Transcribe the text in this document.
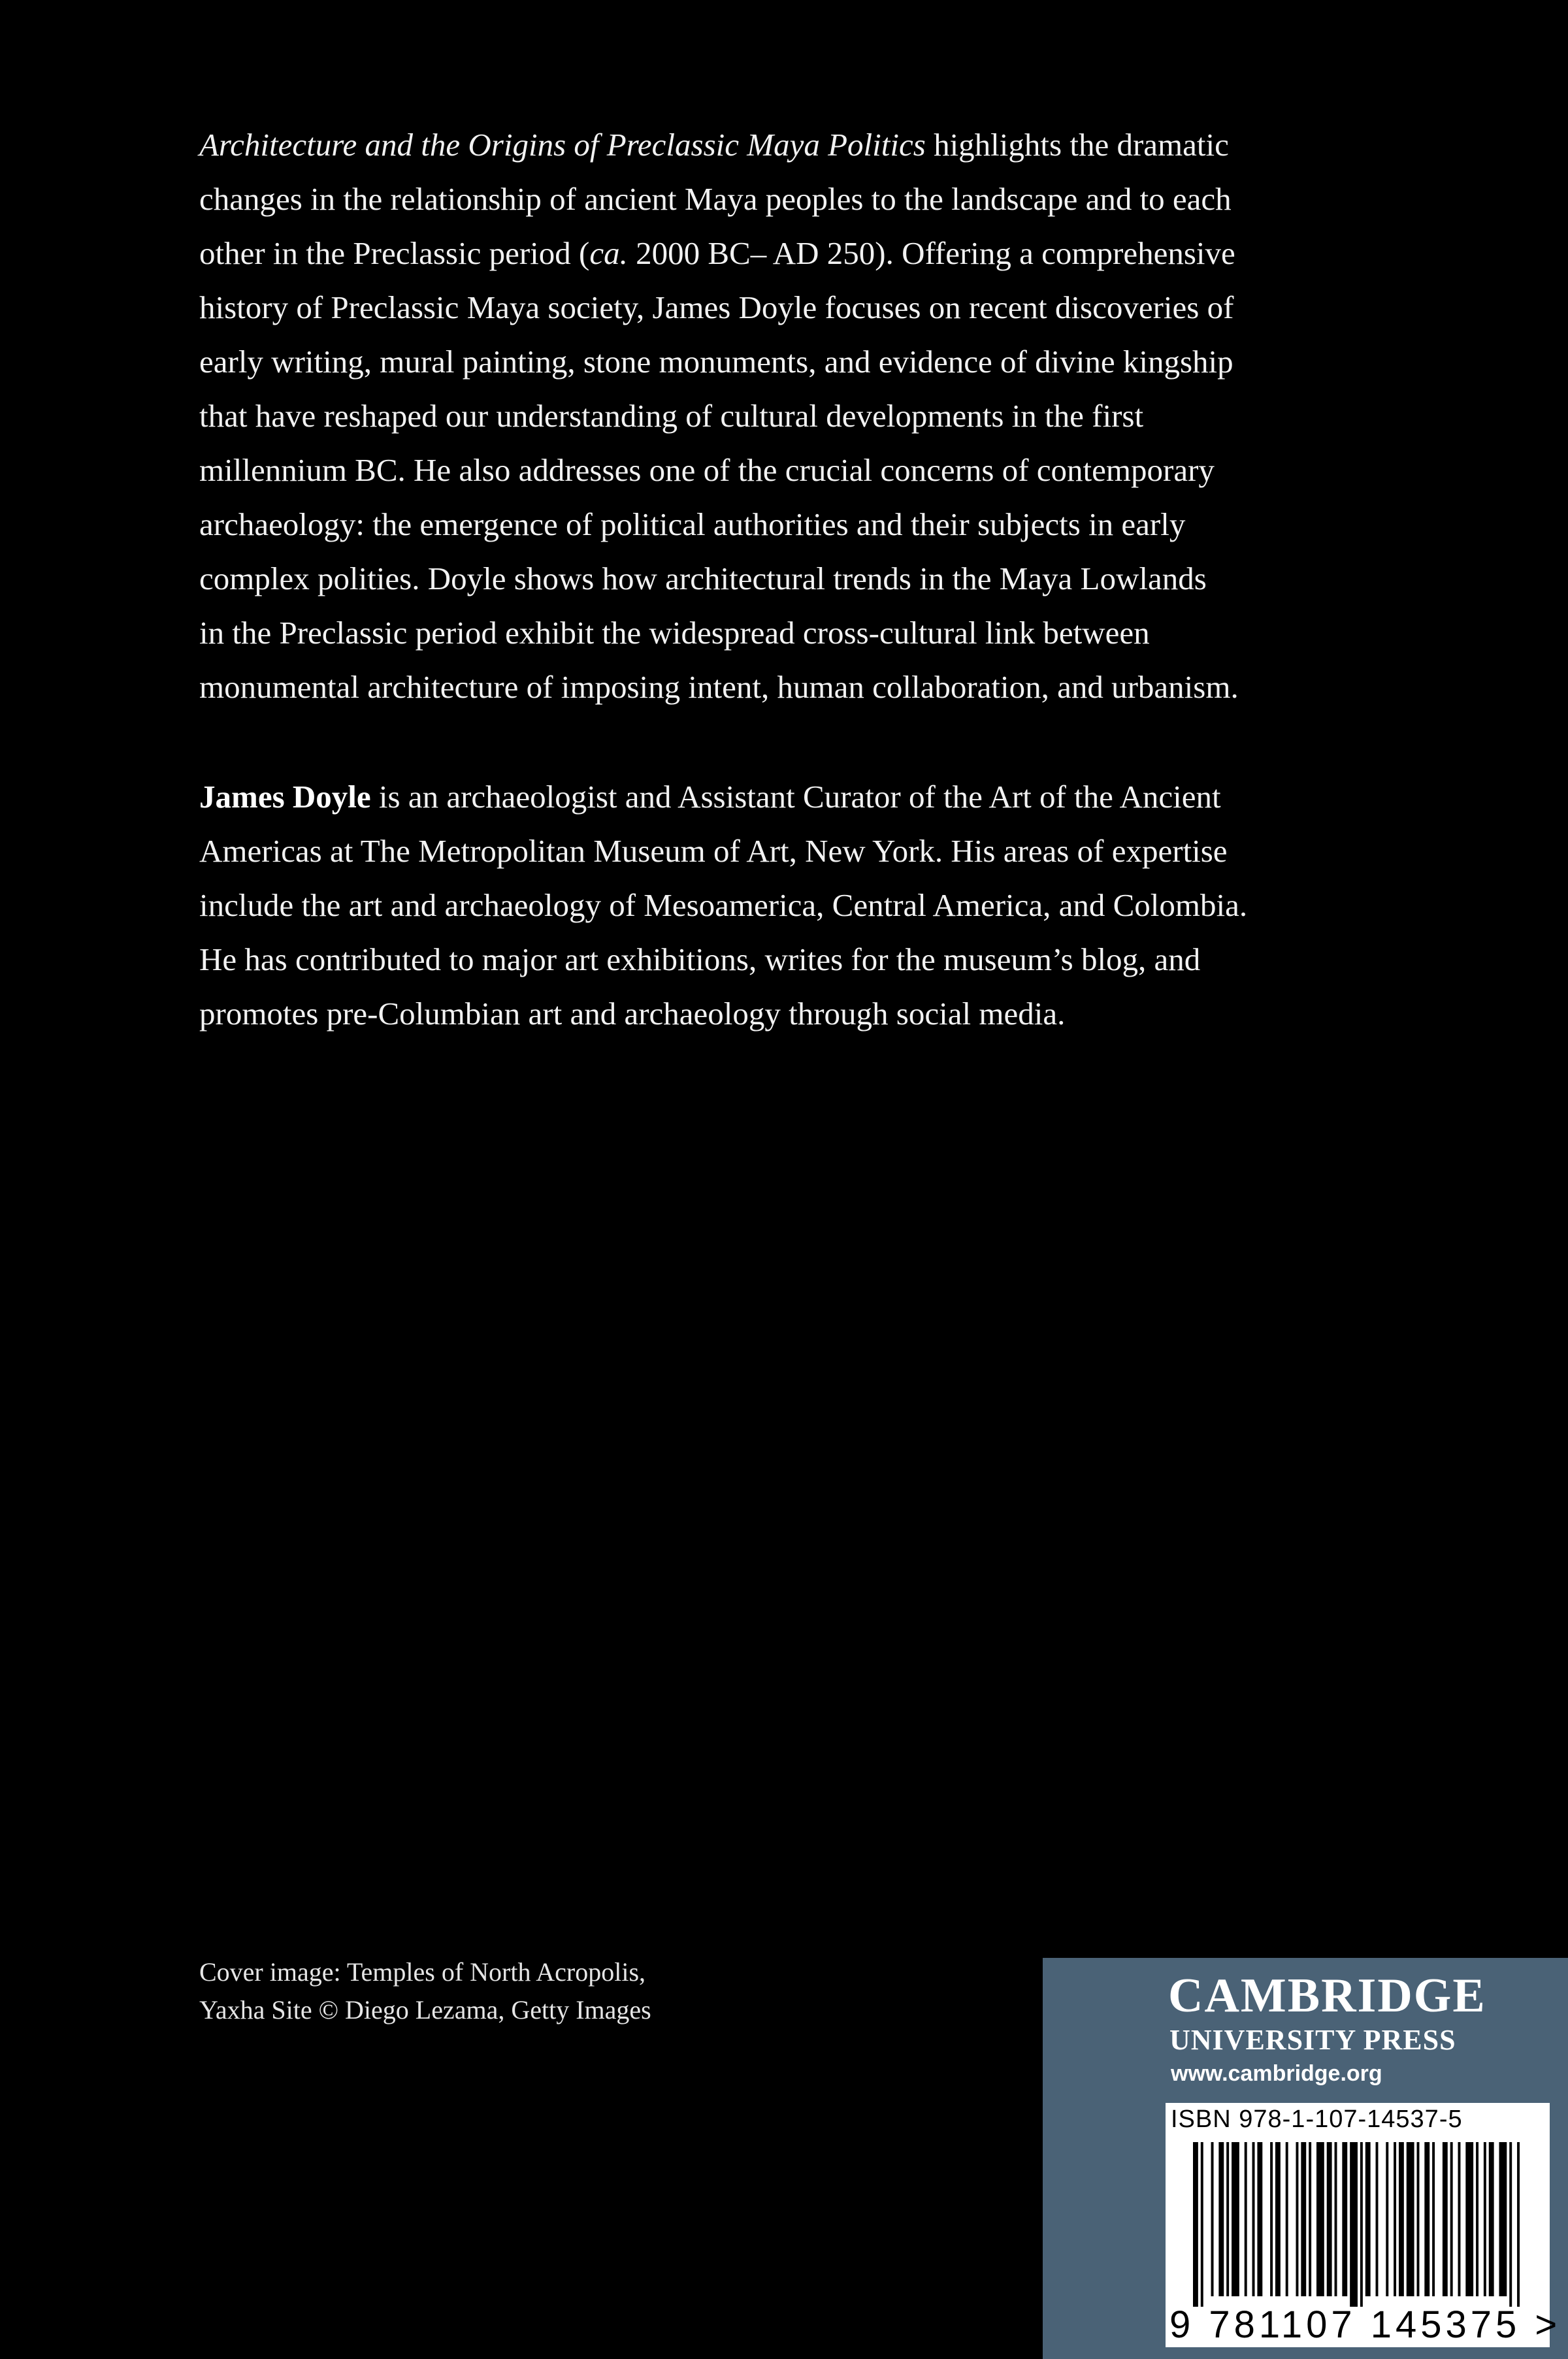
Architecture and the Origins of Preclassic Maya Politics highlights the dramatic
changes in the relationship of ancient Maya peoples to the landscape and to each
other in the Preclassic period (ca. 2000 BC– AD 250). Offering a comprehensive
history of Preclassic Maya society, James Doyle focuses on recent discoveries of
early writing, mural painting, stone monuments, and evidence of divine kingship
that have reshaped our understanding of cultural developments in the first
millennium BC. He also addresses one of the crucial concerns of contemporary
archaeology: the emergence of political authorities and their subjects in early
complex polities. Doyle shows how architectural trends in the Maya Lowlands
in the Preclassic period exhibit the widespread cross-cultural link between
monumental architecture of imposing intent, human collaboration, and urbanism.
James Doyle is an archaeologist and Assistant Curator of the Art of the Ancient
Americas at The Metropolitan Museum of Art, New York. His areas of expertise
include the art and archaeology of Mesoamerica, Central America, and Colombia.
He has contributed to major art exhibitions, writes for the museum’s blog, and
promotes pre-Columbian art and archaeology through social media.
Cover image: Temples of North Acropolis,
Yaxha Site © Diego Lezama, Getty Images	CAMBRIDGE
UNIVERSITY PRESS
www.cambridge.org
ISBN 978-1-107-14537-5
9 781107 145375 >
